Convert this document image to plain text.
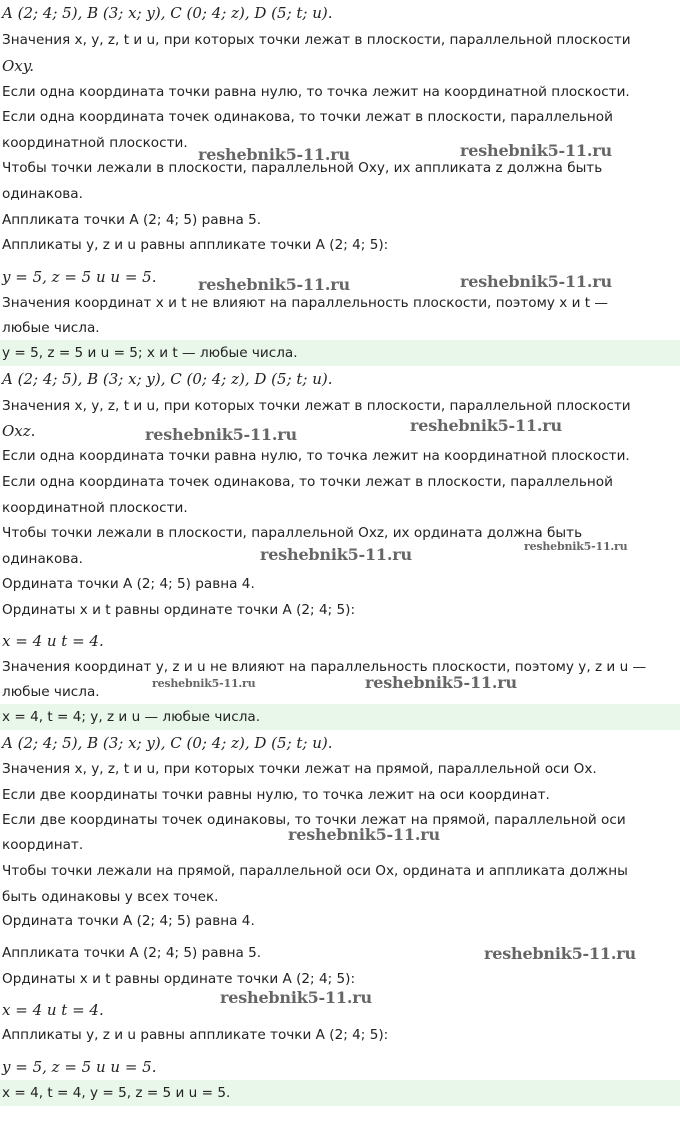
A (2; 4; 5), B (3; x; y), C (0; 4; z), D (5; t; u).
Значения x, y, z, t и u, при которых точки лежат в плоскости, параллельной плоскости
Oxy.
Если одна координата точки равна нулю, то точка лежит на координатной плоскости.
Если одна координата точек одинакова, то точки лежат в плоскости, параллельной
координатной плоскости.
Чтобы точки лежали в плоскости, параллельной Oxy, их аппликата z должна быть
одинакова.
Аппликата точки A (2; 4; 5) равна 5.
Аппликаты y, z и u равны аппликате точки A (2; 4; 5):
y = 5, z = 5 и u = 5.
Значения координат x и t не влияют на параллельность плоскости, поэтому x и t —
любые числа.
y = 5, z = 5 и u = 5; x и t — любые числа.
A (2; 4; 5), B (3; x; y), C (0; 4; z), D (5; t; u).
Значения x, y, z, t и u, при которых точки лежат в плоскости, параллельной плоскости
Oxz.
Если одна координата точки равна нулю, то точка лежит на координатной плоскости.
Если одна координата точек одинакова, то точки лежат в плоскости, параллельной
координатной плоскости.
Чтобы точки лежали в плоскости, параллельной Oxz, их ордината должна быть
одинакова.
Ордината точки A (2; 4; 5) равна 4.
Ординаты x и t равны ординате точки A (2; 4; 5):
x = 4 и t = 4.
Значения координат y, z и u не влияют на параллельность плоскости, поэтому y, z и u —
любые числа.
x = 4, t = 4; y, z и u — любые числа.
A (2; 4; 5), B (3; x; y), C (0; 4; z), D (5; t; u).
Значения x, y, z, t и u, при которых точки лежат на прямой, параллельной оси Ox.
Если две координаты точки равны нулю, то точка лежит на оси координат.
Если две координаты точек одинаковы, то точки лежат на прямой, параллельной оси
координат.
Чтобы точки лежали на прямой, параллельной оси Ox, ордината и аппликата должны
быть одинаковы у всех точек.
Ордината точки A (2; 4; 5) равна 4.
Аппликата точки A (2; 4; 5) равна 5.
Ординаты x и t равны ординате точки A (2; 4; 5):
x = 4 и t = 4.
Аппликаты y, z и u равны аппликате точки A (2; 4; 5):
y = 5, z = 5 и u = 5.
x = 4, t = 4, y = 5, z = 5 и u = 5.
reshebnik5-11.ru	reshebnik5-11.ru
reshebnik5-11.ru	reshebnik5-11.ru
reshebnik5-11.ru	reshebnik5-11.ru
reshebnik5-11.ru	reshebnik5-11.ru
reshebnik5-11.ru	reshebnik5-11.ru
reshebnik5-11.ru
reshebnik5-11.ru
reshebnik5-11.ru
